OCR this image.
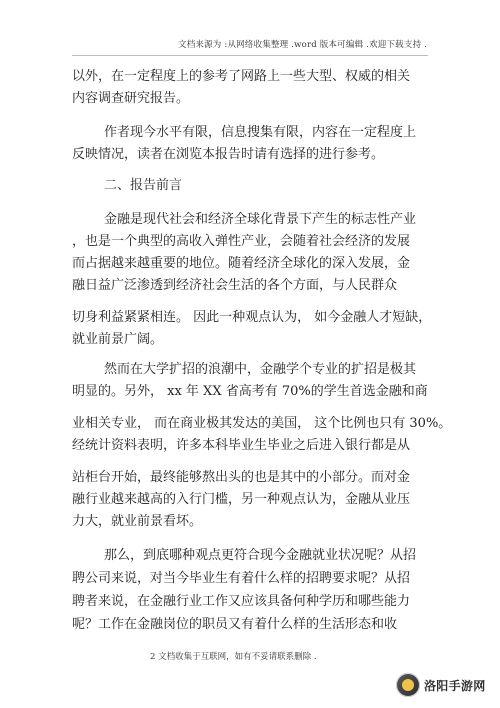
文档来源为 :从网络收集整理 .word 版本可编辑 .欢迎下载支持 .
以外，在一定程度上的参考了网路上一些大型、权威的相关
内容调查研究报告。
作者现今水平有限，信息搜集有限，内容在一定程度上
反映情况，读者在浏览本报告时请有选择的进行参考。
二、报告前言
金融是现代社会和经济全球化背景下产生的标志性产业
，也是一个典型的高收入弹性产业，会随着社会经济的发展
而占据越来越重要的地位。随着经济全球化的深入发展，金
融日益广泛渗透到经济社会生活的各个方面，与人民群众
切身利益紧紧相连。 因此一种观点认为， 如今金融人才短缺，
就业前景广阔。
然而在大学扩招的浪潮中，金融学个专业的扩招是极其
明显的。另外， xx 年 XX 省高考有 70%的学生首选金融和商
业相关专业， 而在商业极其发达的美国， 这个比例也只有 30%。
经统计资料表明，许多本科毕业生毕业之后进入银行都是从
站柜台开始，最终能够熬出头的也是其中的小部分。而对金
融行业越来越高的入行门槛，另一种观点认为，金融从业压
力大，就业前景看坏。
那么，到底哪种观点更符合现今金融就业状况呢？从招
聘公司来说，对当今毕业生有着什么样的招聘要求呢？从招
聘者来说，在金融行业工作又应该具备何种学历和哪些能力
呢？工作在金融岗位的职员又有着什么样的生活形态和收
2 文档收集于互联网，如有不妥请联系删除 .
洛阳手游网
